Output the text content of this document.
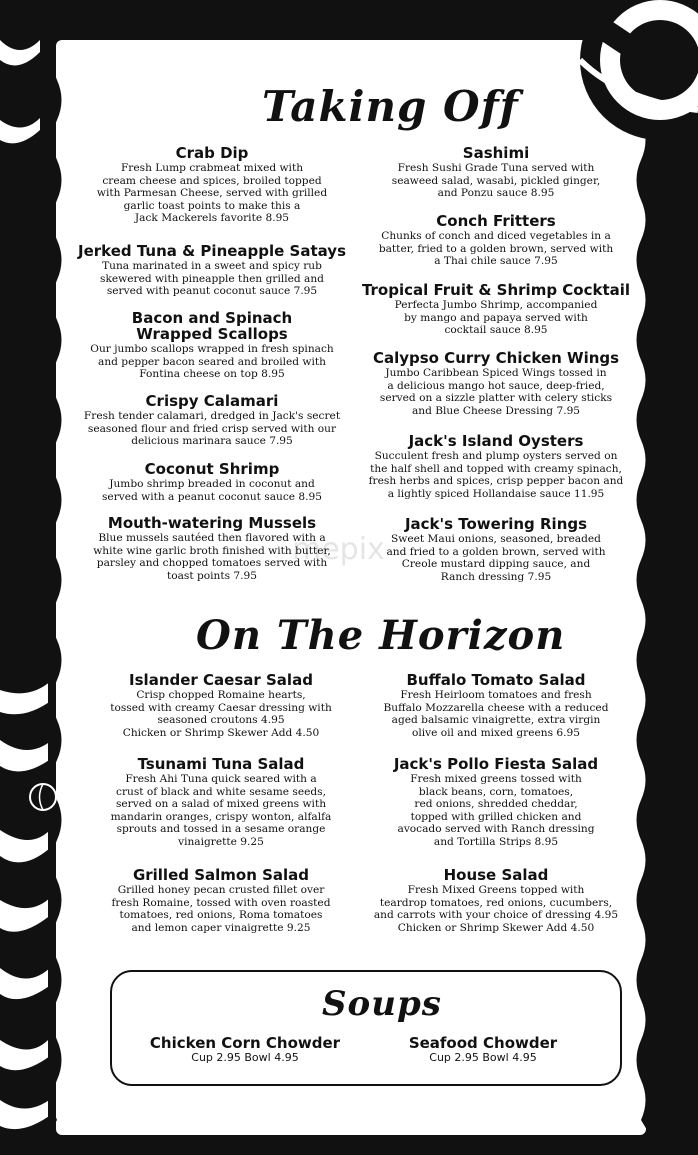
Taking Off
On The Horizon
mepix
Crab Dip
Fresh Lump crabmeat mixed with
cream cheese and spices, broiled topped
with Parmesan Cheese, served with grilled
garlic toast points to make this a
Jack Mackerels favorite 8.95
Jerked Tuna & Pineapple Satays
Tuna marinated in a sweet and spicy rub
skewered with pineapple then grilled and
served with peanut coconut sauce 7.95
Bacon and Spinach
Wrapped Scallops
Our jumbo scallops wrapped in fresh spinach
and pepper bacon seared and broiled with
Fontina cheese on top 8.95
Crispy Calamari
Fresh tender calamari, dredged in Jack's secret
seasoned flour and fried crisp served with our
delicious marinara sauce 7.95
Coconut Shrimp
Jumbo shrimp breaded in coconut and
served with a peanut coconut sauce 8.95
Mouth-watering Mussels
Blue mussels sautéed then flavored with a
white wine garlic broth finished with butter,
parsley and chopped tomatoes served with
toast points 7.95
Sashimi
Fresh Sushi Grade Tuna served with
seaweed salad, wasabi, pickled ginger,
and Ponzu sauce 8.95
Conch Fritters
Chunks of conch and diced vegetables in a
batter, fried to a golden brown, served with
a Thai chile sauce 7.95
Tropical Fruit & Shrimp Cocktail
Perfecta Jumbo Shrimp, accompanied
by mango and papaya served with
cocktail sauce 8.95
Calypso Curry Chicken Wings
Jumbo Caribbean Spiced Wings tossed in
a delicious mango hot sauce, deep-fried,
served on a sizzle platter with celery sticks
and Blue Cheese Dressing 7.95
Jack's Island Oysters
Succulent fresh and plump oysters served on
the half shell and topped with creamy spinach,
fresh herbs and spices, crisp pepper bacon and
a lightly spiced Hollandaise sauce 11.95
Jack's Towering Rings
Sweet Maui onions, seasoned, breaded
and fried to a golden brown, served with
Creole mustard dipping sauce, and
Ranch dressing 7.95
Islander Caesar Salad
Crisp chopped Romaine hearts,
tossed with creamy Caesar dressing with
seasoned croutons 4.95
Chicken or Shrimp Skewer Add 4.50
Tsunami Tuna Salad
Fresh Ahi Tuna quick seared with a
crust of black and white sesame seeds,
served on a salad of mixed greens with
mandarin oranges, crispy wonton, alfalfa
sprouts and tossed in a sesame orange
vinaigrette 9.25
Grilled Salmon Salad
Grilled honey pecan crusted fillet over
fresh Romaine, tossed with oven roasted
tomatoes, red onions, Roma tomatoes
and lemon caper vinaigrette 9.25
Buffalo Tomato Salad
Fresh Heirloom tomatoes and fresh
Buffalo Mozzarella cheese with a reduced
aged balsamic vinaigrette, extra virgin
olive oil and mixed greens 6.95
Jack's Pollo Fiesta Salad
Fresh mixed greens tossed with
black beans, corn, tomatoes,
red onions, shredded cheddar,
topped with grilled chicken and
avocado served with Ranch dressing
and Tortilla Strips 8.95
House Salad
Fresh Mixed Greens topped with
teardrop tomatoes, red onions, cucumbers,
and carrots with your choice of dressing 4.95
Chicken or Shrimp Skewer Add 4.50
Soups
Chicken Corn Chowder
Cup 2.95 Bowl 4.95
Seafood Chowder
Cup 2.95 Bowl 4.95
